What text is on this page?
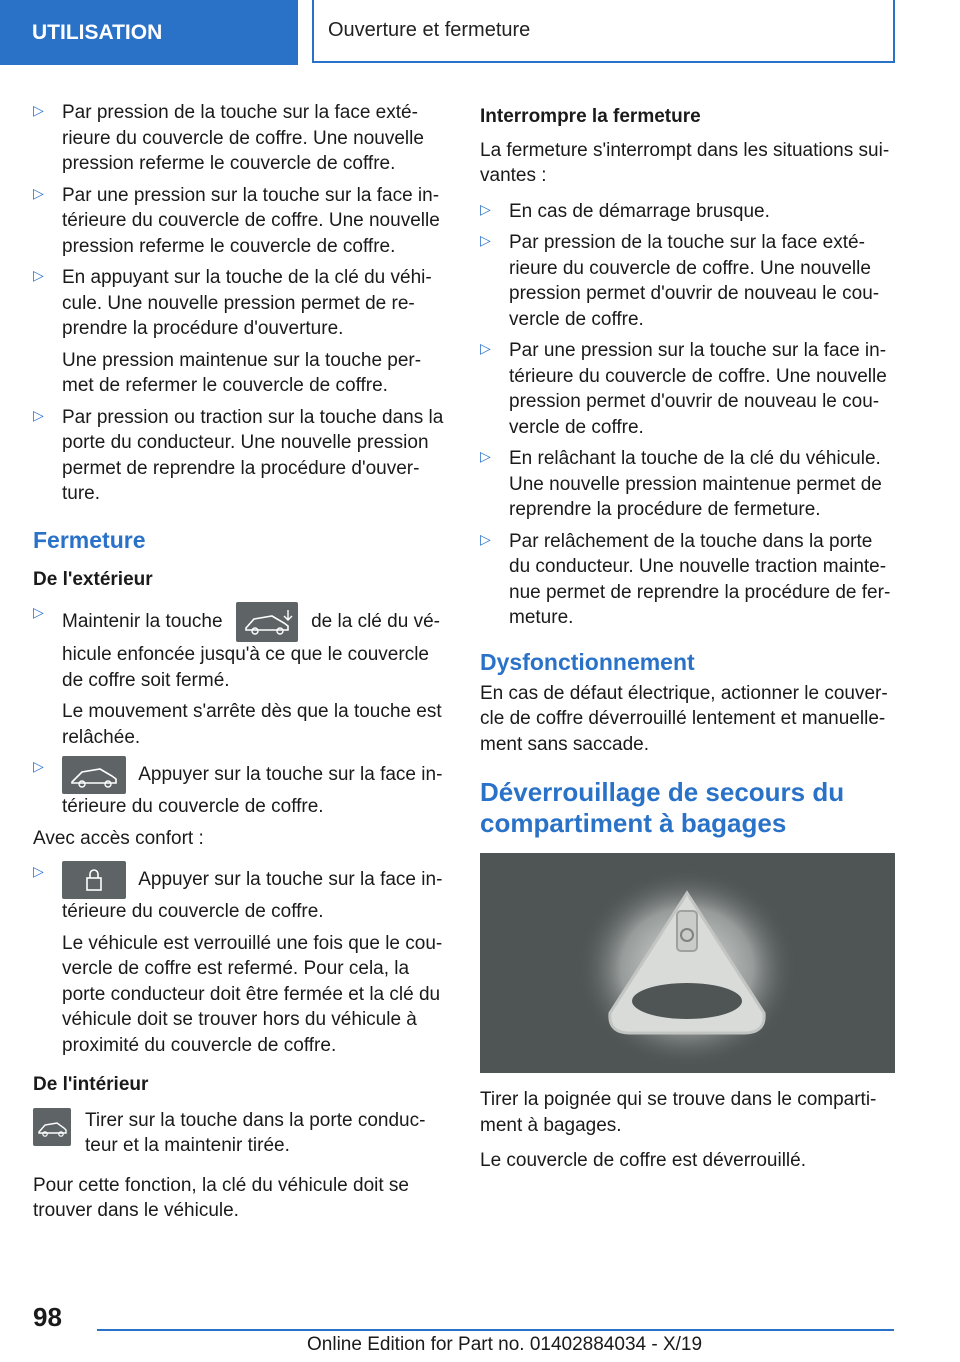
UTILISATION	Ouverture et fermeture
▷ Par pression de la touche sur la face exté-rieure du couvercle de coffre. Une nouvelle pression referme le couvercle de coffre.

▷ Par une pression sur la touche sur la face in-térieure du couvercle de coffre. Une nouvelle pression referme le couvercle de coffre.

▷ En appuyant sur la touche de la clé du véhi-cule. Une nouvelle pression permet de re-prendre la procédure d'ouverture.

Une pression maintenue sur la touche per-met de refermer le couvercle de coffre.

▷ Par pression ou traction sur la touche dans la porte du conducteur. Une nouvelle pression permet de reprendre la procédure d'ouver-ture.

Fermeture
De l'extérieur
▷ Maintenir la touche	de la clé du vé-hicule enfoncée jusqu'à ce que le couvercle de coffre soit fermé.

Le mouvement s'arrête dès que la touche est relâchée.

▷	Appuyer sur la touche sur la face in-térieure du couvercle de coffre.

Avec accès confort :

▷	Appuyer sur la touche sur la face in-térieure du couvercle de coffre.

Le véhicule est verrouillé une fois que le cou-vercle de coffre est refermé. Pour cela, la porte conducteur doit être fermée et la clé du véhicule doit se trouver hors du véhicule à proximité du couvercle de coffre.

De l'intérieur

Tirer sur la touche dans la porte conduc-teur et la maintenir tirée.

Pour cette fonction, la clé du véhicule doit se trouver dans le véhicule.

Interrompre la fermeture

La fermeture s'interrompt dans les situations sui-vantes :

▷ En cas de démarrage brusque.

▷ Par pression de la touche sur la face exté-rieure du couvercle de coffre. Une nouvelle pression permet d'ouvrir de nouveau le cou-vercle de coffre.

▷ Par une pression sur la touche sur la face in-térieure du couvercle de coffre. Une nouvelle pression permet d'ouvrir de nouveau le cou-vercle de coffre.

▷ En relâchant la touche de la clé du véhicule. Une nouvelle pression maintenue permet de reprendre la procédure de fermeture.

▷ Par relâchement de la touche dans la porte du conducteur. Une nouvelle traction mainte-nue permet de reprendre la procédure de fer-meture.

Dysfonctionnement

En cas de défaut électrique, actionner le couver-cle de coffre déverrouillé lentement et manuelle-ment sans saccade.

Déverrouillage de secours du compartiment à bagages

Tirer la poignée qui se trouve dans le comparti-ment à bagages.

Le couvercle de coffre est déverrouillé.

98
Online Edition for Part no. 01402884034 - X/19
